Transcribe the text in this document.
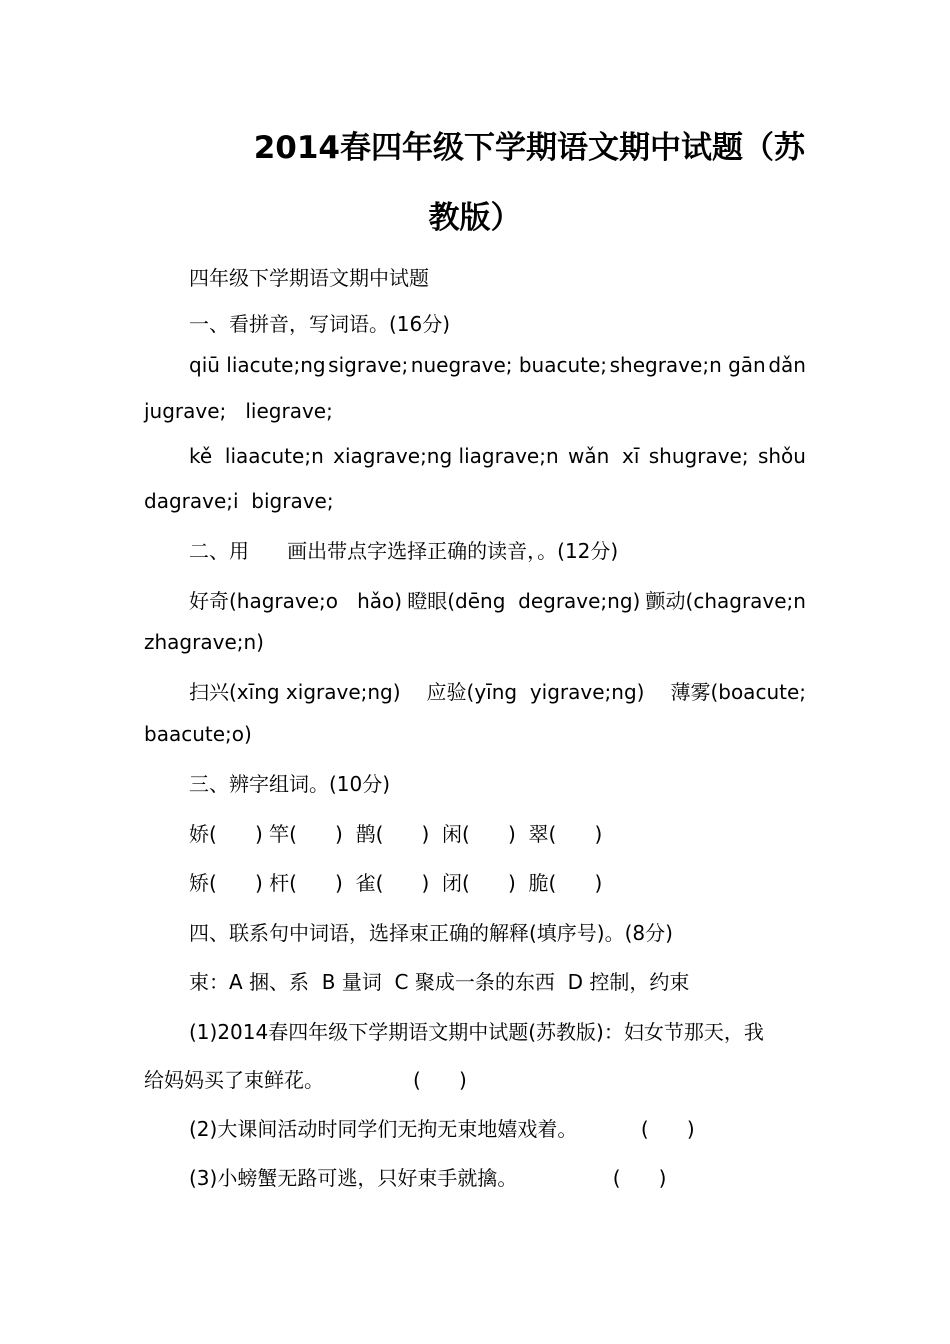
2014春四年级下学期语文期中试题（苏
教版）
四年级下学期语文期中试题
一、看拼音，写词语。(16分)
qiū liacute;ng sigrave; nuegrave; buacute; shegrave;n gān dǎn
jugrave;   liegrave;
kě  liaacute;n xiagrave;ng liagrave;n wǎn  xī shugrave; shǒu
dagrave;i  bigrave;
二、用      画出带点字选择正确的读音，。(12分)
好奇(hagrave;o   hǎo) 瞪眼(dēng  degrave;ng) 颤动(chagrave;n
zhagrave;n)
扫兴(xīng xigrave;ng) 应验(yīng  yigrave;ng) 薄雾(boacute;
baacute;o)
三、辨字组词。(10分)
娇(      ) 竿(      )  鹊(      )  闲(      )  翠(      )
矫(      ) 杆(      )  雀(      )  闭(      )  脆(      )
四、联系句中词语，选择束正确的解释(填序号)。(8分)
束：A 捆、系  B 量词  C 聚成一条的东西  D 控制，约束
(1)2014春四年级下学期语文期中试题(苏教版)：妇女节那天，我
给妈妈买了束鲜花。              (      )
(2)大课间活动时同学们无拘无束地嬉戏着。          (      )
(3)小螃蟹无路可逃，只好束手就擒。               (      )
